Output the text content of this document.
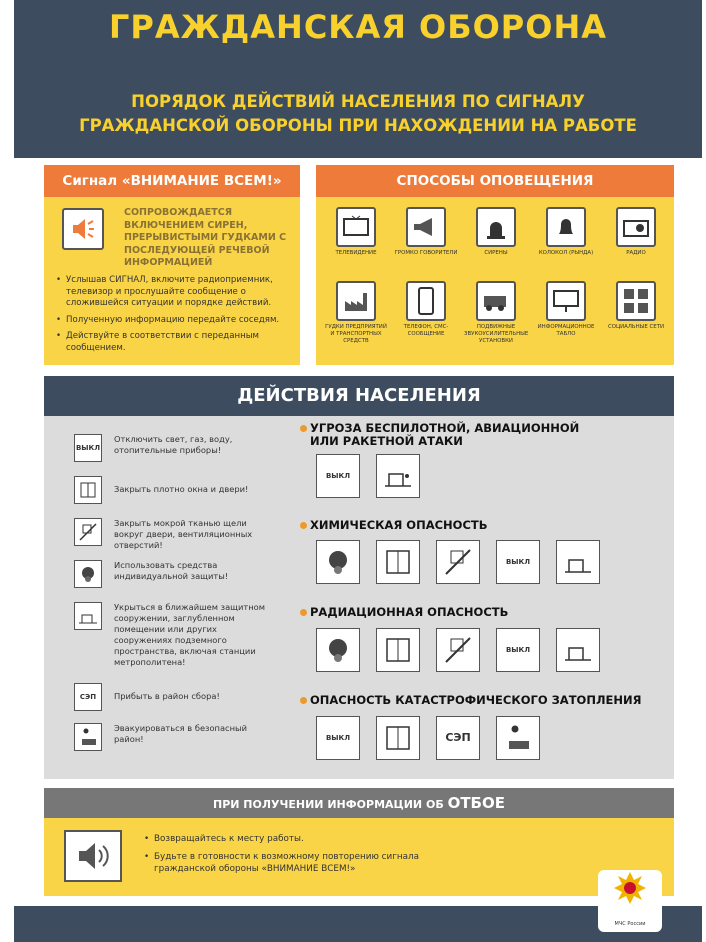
ГРАЖДАНСКАЯ ОБОРОНА
ПОРЯДОК ДЕЙСТВИЙ НАСЕЛЕНИЯ ПО СИГНАЛУ
ГРАЖДАНСКОЙ ОБОРОНЫ ПРИ НАХОЖДЕНИИ НА РАБОТЕ
Сигнал «ВНИМАНИЕ ВСЕМ!»
СОПРОВОЖДАЕТСЯ ВКЛЮЧЕНИЕМ СИРЕН, ПРЕРЫВИСТЫМИ ГУДКАМИ С ПОСЛЕДУЮЩЕЙ РЕЧЕВОЙ ИНФОРМАЦИЕЙ
• Услышав СИГНАЛ, включите радиоприемник, телевизор и прослушайте сообщение о сложившейся ситуации и порядке действий.
• Полученную информацию передайте соседям.
• Действуйте в соответствии с переданным сообщением.
СПОСОБЫ ОПОВЕЩЕНИЯ
ТЕЛЕВИДЕНИЕ	ГРОМКО ГОВОРИТЕЛИ	СИРЕНЫ	КОЛОКОЛ (РЫНДА)	РАДИО
ГУДКИ ПРЕДПРИЯТИЙ И ТРАНСПОРТНЫХ СРЕДСТВ
ТЕЛЕФОН, СМС-СООБЩЕНИЕ
ПОДВИЖНЫЕ ЗВУКОУСИЛИТЕЛЬНЫЕ УСТАНОВКИ
ИНФОРМАЦИОННОЕ ТАБЛО
СОЦИАЛЬНЫЕ СЕТИ
ДЕЙСТВИЯ НАСЕЛЕНИЯ
ВЫКЛ
Отключить свет, газ, воду, отопительные приборы!
Закрыть плотно окна и двери!
Закрыть мокрой тканью щели вокруг двери, вентиляционных отверстий!
Использовать средства индивидуальной защиты!
Укрыться в ближайшем защитном сооружении, заглубленном помещении или других сооружениях подземного пространства, включая станции метрополитена!
СЭП Прибыть в район сбора!
Эвакуироваться в безопасный район!
УГРОЗА БЕСПИЛОТНОЙ, АВИАЦИОННОЙ
ИЛИ РАКЕТНОЙ АТАКИ
ВЫКЛ
ХИМИЧЕСКАЯ ОПАСНОСТЬ
ВЫКЛ
РАДИАЦИОННАЯ ОПАСНОСТЬ
ВЫКЛ
ОПАСНОСТЬ КАТАСТРОФИЧЕСКОГО ЗАТОПЛЕНИЯ
ВЫКЛ	СЭП
ПРИ ПОЛУЧЕНИИ ИНФОРМАЦИИ ОБ ОТБОЕ
• Возвращайтесь к месту работы.
• Будьте в готовности к возможному повторению сигнала гражданской обороны «ВНИМАНИЕ ВСЕМ!»
МЧС России
